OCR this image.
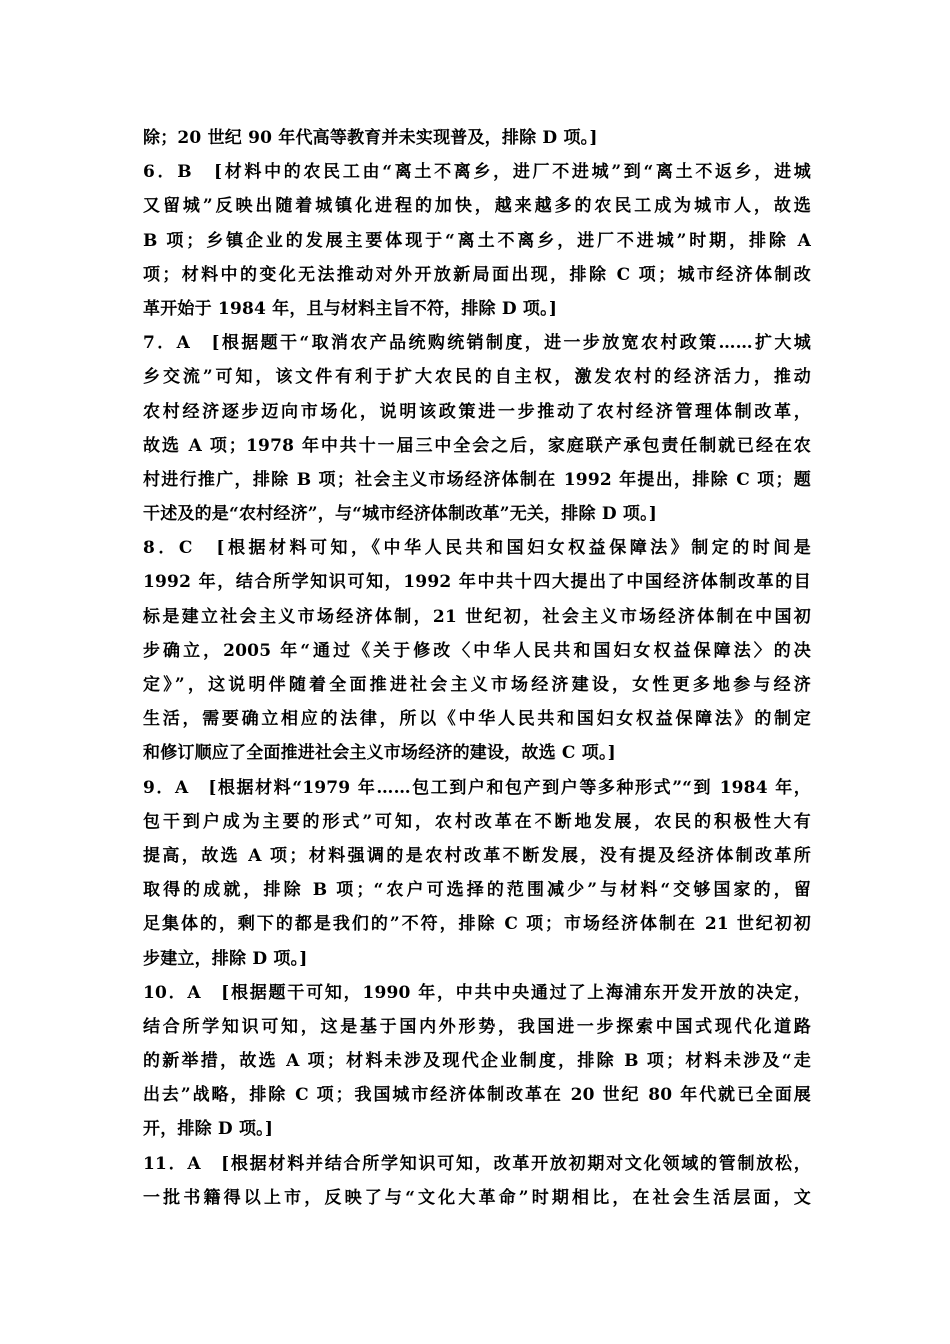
除；20 世纪 90 年代高等教育并未实现普及，排除 D 项。]
6．B　[材料中的农民工由“离土不离乡，进厂不进城”到“离土不返乡，进城
又留城”反映出随着城镇化进程的加快，越来越多的农民工成为城市人，故选
B 项；乡镇企业的发展主要体现于“离土不离乡，进厂不进城”时期，排除 A
项；材料中的变化无法推动对外开放新局面出现，排除 C 项；城市经济体制改
革开始于 1984 年，且与材料主旨不符，排除 D 项。]
7．A　[根据题干“取消农产品统购统销制度，进一步放宽农村政策……扩大城
乡交流”可知，该文件有利于扩大农民的自主权，激发农村的经济活力，推动
农村经济逐步迈向市场化，说明该政策进一步推动了农村经济管理体制改革，
故选 A 项；1978 年中共十一届三中全会之后，家庭联产承包责任制就已经在农
村进行推广，排除 B 项；社会主义市场经济体制在 1992 年提出，排除 C 项；题
干述及的是“农村经济”，与“城市经济体制改革”无关，排除 D 项。]
8．C　[根据材料可知，《中华人民共和国妇女权益保障法》制定的时间是
1992 年，结合所学知识可知，1992 年中共十四大提出了中国经济体制改革的目
标是建立社会主义市场经济体制，21 世纪初，社会主义市场经济体制在中国初
步确立，2005 年“通过《关于修改〈中华人民共和国妇女权益保障法〉的决
定》”，这说明伴随着全面推进社会主义市场经济建设，女性更多地参与经济
生活，需要确立相应的法律，所以《中华人民共和国妇女权益保障法》的制定
和修订顺应了全面推进社会主义市场经济的建设，故选 C 项。]
9．A　[根据材料“1979 年……包工到户和包产到户等多种形式”“到 1984 年，
包干到户成为主要的形式”可知，农村改革在不断地发展，农民的积极性大有
提高，故选 A 项；材料强调的是农村改革不断发展，没有提及经济体制改革所
取得的成就，排除 B 项；“农户可选择的范围减少”与材料“交够国家的，留
足集体的，剩下的都是我们的”不符，排除 C 项；市场经济体制在 21 世纪初初
步建立，排除 D 项。]
10．A　[根据题干可知，1990 年，中共中央通过了上海浦东开发开放的决定，
结合所学知识可知，这是基于国内外形势，我国进一步探索中国式现代化道路
的新举措，故选 A 项；材料未涉及现代企业制度，排除 B 项；材料未涉及“走
出去”战略，排除 C 项；我国城市经济体制改革在 20 世纪 80 年代就已全面展
开，排除 D 项。]
11．A　[根据材料并结合所学知识可知，改革开放初期对文化领域的管制放松，
一批书籍得以上市，反映了与“文化大革命”时期相比，在社会生活层面，文
